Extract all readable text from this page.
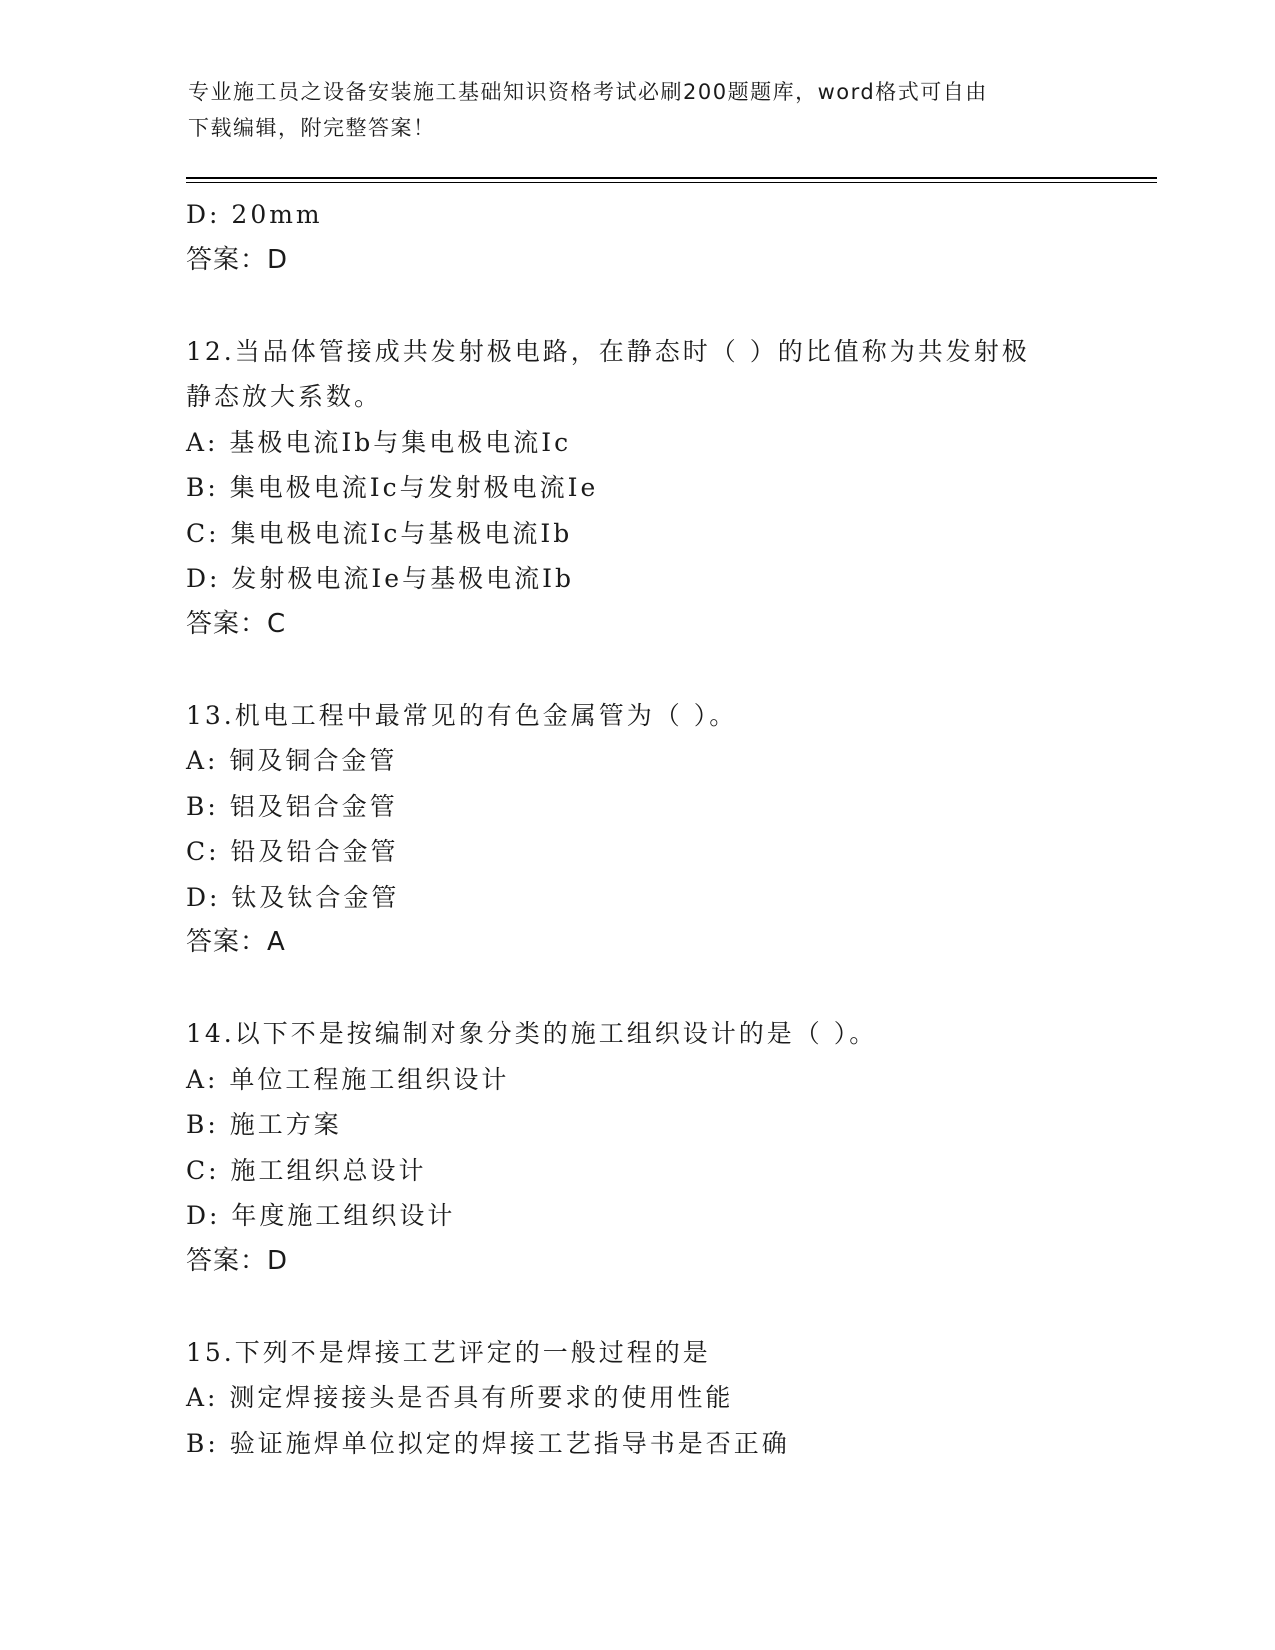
专业施工员之设备安装施工基础知识资格考试必刷200题题库，word格式可自由
下载编辑，附完整答案！
D: 20mm
答案：D
12.当品体管接成共发射极电路，在静态时（ ）的比值称为共发射极
静态放大系数。
A: 基极电流Ib与集电极电流Ic
B: 集电极电流Ic与发射极电流Ie
C: 集电极电流Ic与基极电流Ib
D: 发射极电流Ie与基极电流Ib
答案：C
13.机电工程中最常见的有色金属管为（ ）。
A: 铜及铜合金管
B: 铝及铝合金管
C: 铅及铅合金管
D: 钛及钛合金管
答案：A
14.以下不是按编制对象分类的施工组织设计的是（ ）。
A: 单位工程施工组织设计
B: 施工方案
C: 施工组织总设计
D: 年度施工组织设计
答案：D
15.下列不是焊接工艺评定的一般过程的是
A: 测定焊接接头是否具有所要求的使用性能
B: 验证施焊单位拟定的焊接工艺指导书是否正确
